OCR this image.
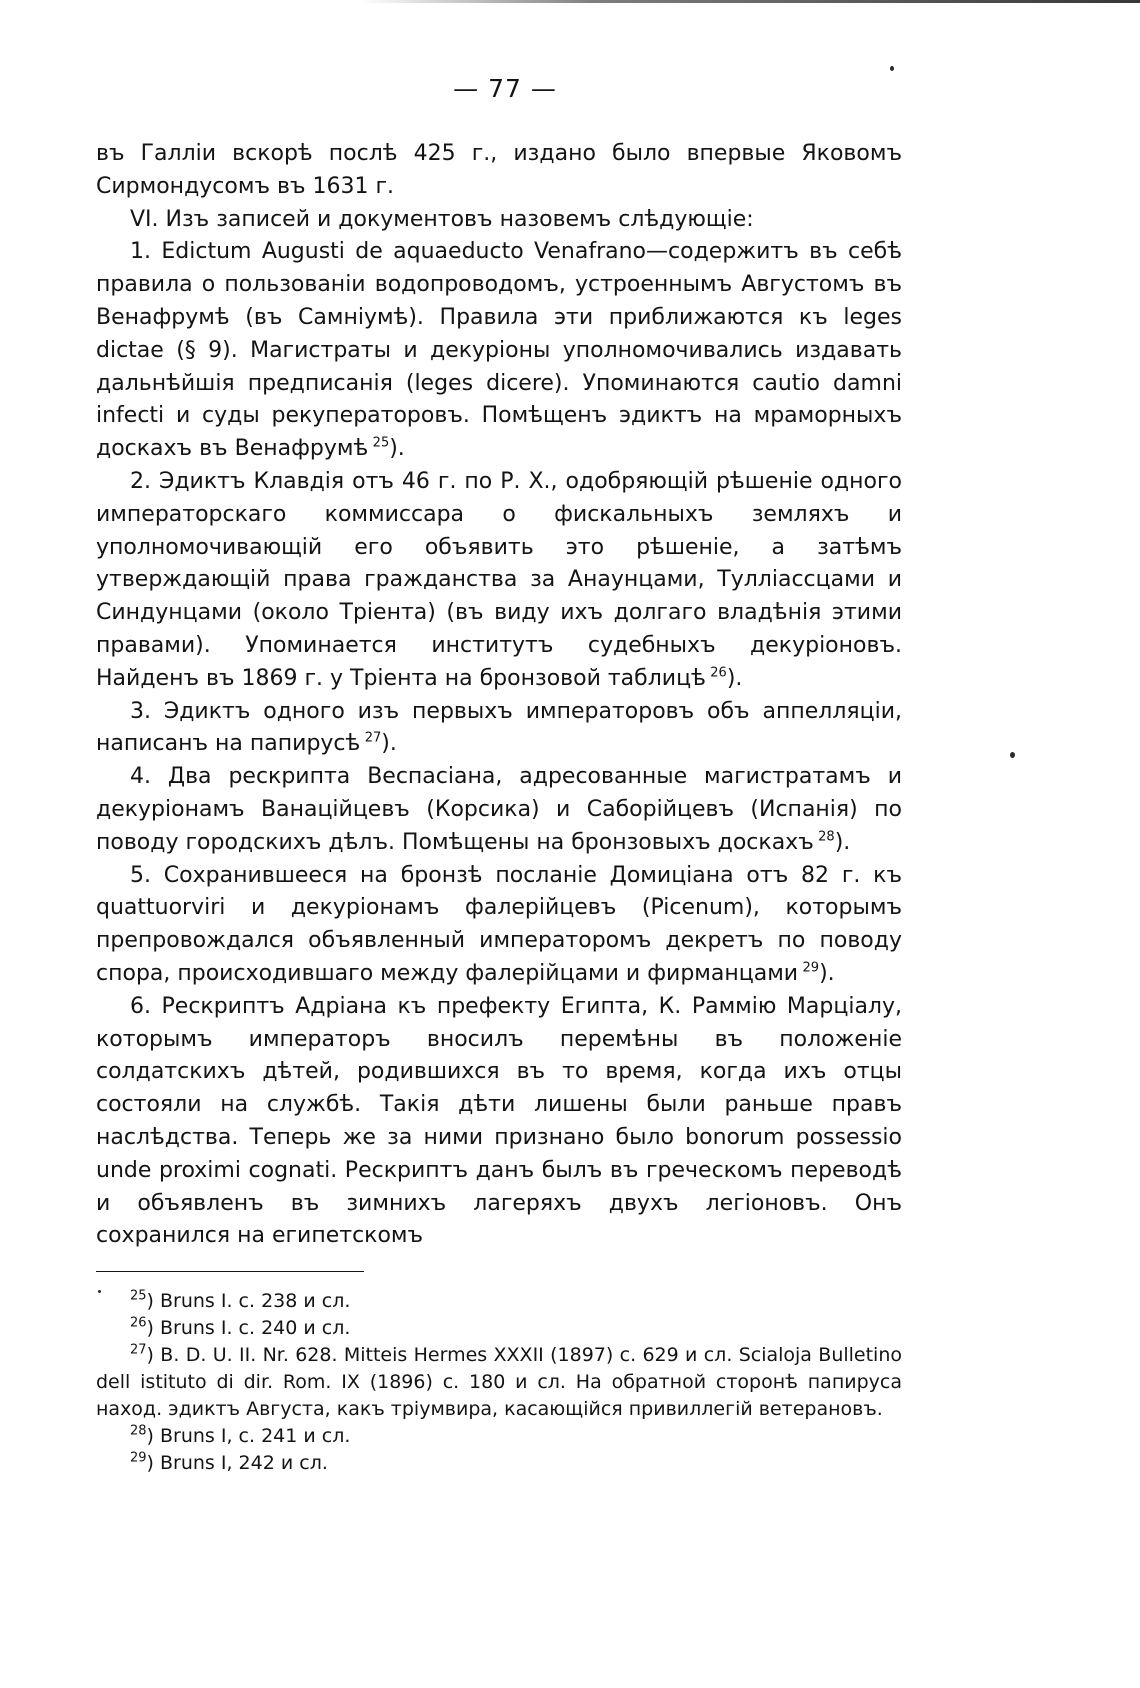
— 77 —

въ Галліи вскорѣ послѣ 425 г., издано было впервые Яковомъ Сирмондусомъ въ 1631 г.

VI. Изъ записей и документовъ назовемъ слѣдующіе:

1. Edictum Augusti de aquaeducto Venafrano—содержитъ въ себѣ правила о пользованіи водопроводомъ, устроеннымъ Августомъ въ Венафрумѣ (въ Самніумѣ). Правила эти приближаются къ leges dictae (§ 9). Магистраты и декуріоны уполномочивались издавать дальнѣйшія предписанія (leges dicere). Упоминаются cautio damni infecti и суды рекуператоровъ. Помѣщенъ эдиктъ на мраморныхъ доскахъ въ Венафрумѣ  $^{25}$).

2. Эдиктъ Клавдія отъ 46 г. по Р. Х., одобряющій рѣшеніе одного императорскаго коммиссара о фискальныхъ земляхъ и уполномочивающій его объявить это рѣшеніе, а затѣмъ утверждающій права гражданства за Анаунцами, Тулліассцами и Синдунцами (около Тріента) (въ виду ихъ долгаго владѣнія этими правами). Упоминается институтъ судебныхъ декуріоновъ. Найденъ въ 1869 г. у Тріента на бронзовой таблицѣ  $^{26}$).

3. Эдиктъ одного изъ первыхъ императоровъ объ аппелляціи, написанъ на папирусѣ  $^{27}$).

4. Два рескрипта Веспасіана, адресованные магистратамъ и декуріонамъ Ванаційцевъ (Корсика) и Саборійцевъ (Испанія) по поводу городскихъ дѣлъ. Помѣщены на бронзовыхъ доскахъ  $^{28}$).

5. Сохранившееся на бронзѣ посланіе Домиціана отъ 82 г. къ quattuorviri и декуріонамъ фалерійцевъ (Picenum), которымъ препровождался объявленный императоромъ декретъ по поводу спора, происходившаго между фалерійцами и фирманцами  $^{29}$).

6. Рескриптъ Адріана къ префекту Египта, К. Раммію Марціалу, которымъ императоръ вносилъ перемѣны въ положеніе солдатскихъ дѣтей, родившихся въ то время, когда ихъ отцы состояли на службѣ. Такія дѣти лишены были раньше правъ наслѣдства. Теперь же за ними признано было bonorum possessio unde proximi cognati. Рескриптъ данъ былъ въ греческомъ переводѣ и объявленъ въ зимнихъ лагеряхъ двухъ легіоновъ. Онъ сохранился на египетскомъ

$^{25}$) Bruns I. c. 238 и сл.

$^{26}$) Bruns I. c. 240 и сл.

$^{27}$) B. D. U. II. Nr. 628. Mitteis Hermes XXXII (1897) c. 629 и сл. Scialoja Bulletino dell istituto di dir. Rom. IX (1896) c. 180 и сл. На обратной сторонѣ папируса наход. эдиктъ Августа, какъ тріумвира, касающійся привиллегій ветерановъ.

$^{28}$) Bruns I, c. 241 и сл.

$^{29}$) Bruns I, 242 и сл.
